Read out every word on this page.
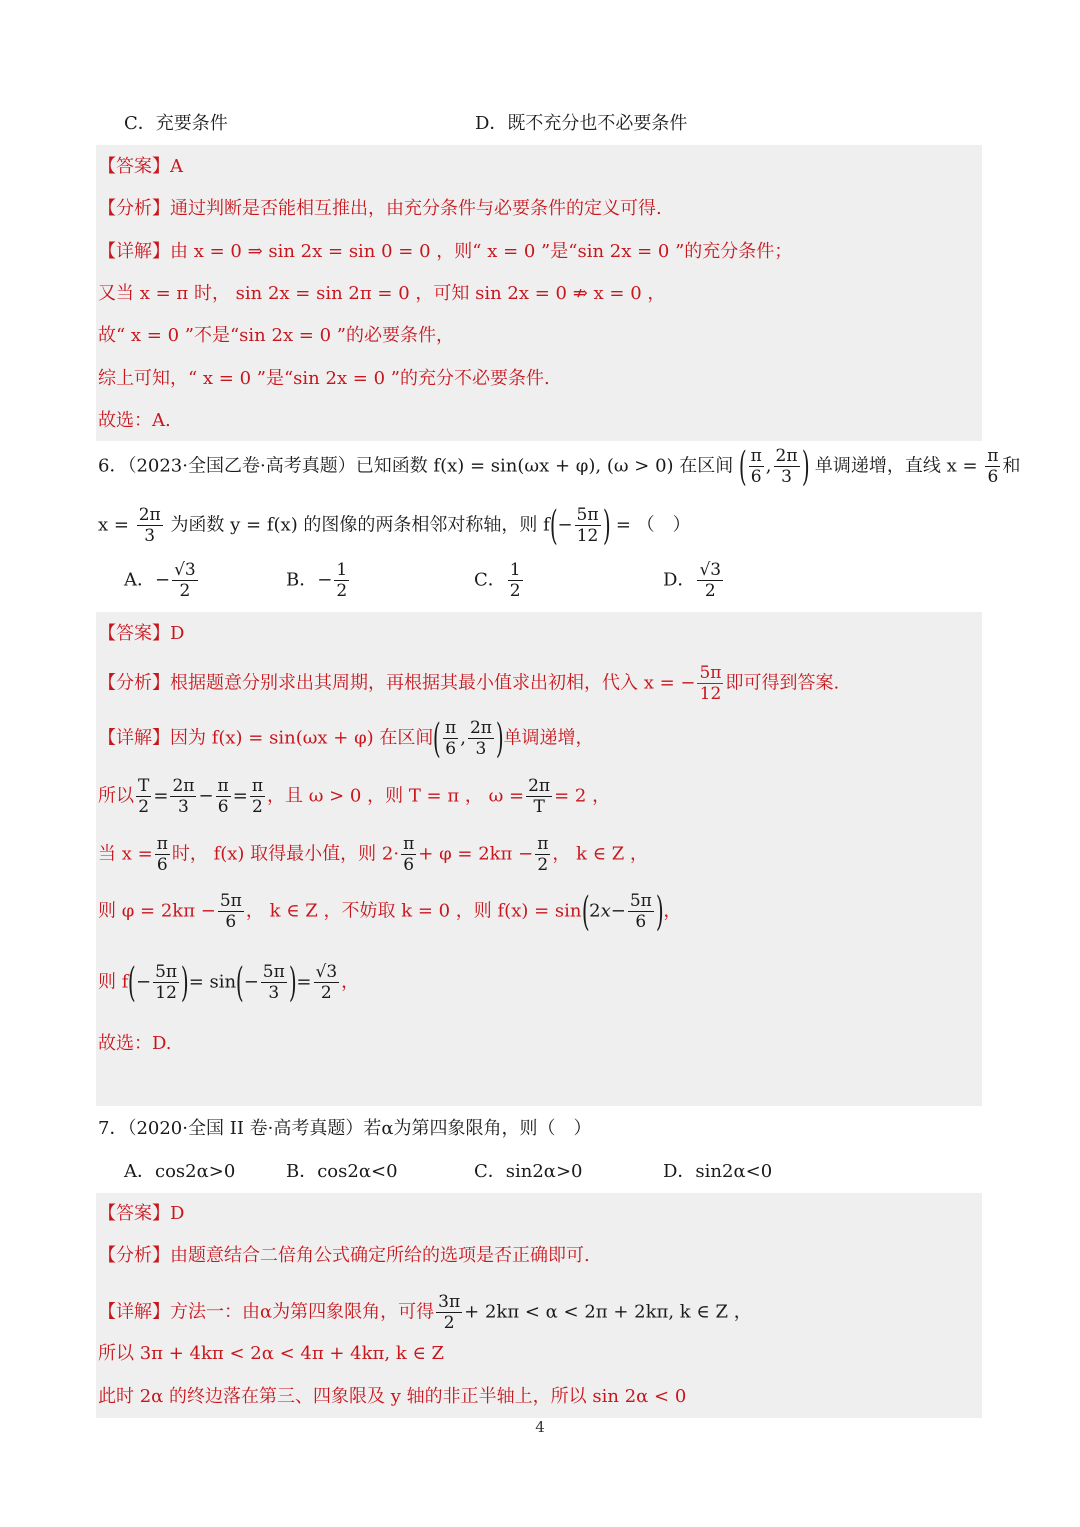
C．充要条件	D．既不充分也不必要条件
【答案】A
【分析】通过判断是否能相互推出，由充分条件与必要条件的定义可得.
【详解】由 x = 0 ⇒ sin 2x = sin 0 = 0 ，则“ x = 0 ”是“sin 2x = 0 ”的充分条件；
又当 x = π 时， sin 2x = sin 2π = 0 ，可知 sin 2x = 0 ⇏ x = 0 ，
故“ x = 0 ”不是“sin 2x = 0 ”的必要条件，
综上可知，“ x = 0 ”是“sin 2x = 0 ”的充分不必要条件.
故选：A.
6．（2023·全国乙卷·高考真题）已知函数 f(x) = sin(ωx + φ), (ω > 0) 在区间 ( $\frac{\pi}{6}$ , $\frac{2\pi}{3}$ ) 单调递增，直线 $x = \frac{\pi}{6}$ 和
$x = \frac{2\pi}{3}$ 为函数 y = f(x) 的图像的两条相邻对称轴，则 $f(- \frac{5\pi}{12}$ ) = （　）
A．− $\frac{√3}{2}$	B．− $\frac{1}{2}$	C． $\frac{1}{2}$	D． $\frac{√3}{2}$
【答案】D
【分析】根据题意分别求出其周期，再根据其最小值求出初相，代入 x = − $\frac{5\pi}{12}$ 即可得到答案.
【详解】因为 f(x) = sin(ωx + φ) 在区间( $\frac{\pi}{6}$ , $\frac{2\pi}{3}$ )单调递增，
所以 $\frac{T}{2} = \frac{2\pi}{3} - \frac{\pi}{6} = \frac{\pi}{2}$ ，且 ω > 0 ，则 T = π ， $\omega = \frac{2\pi}{T} = 2$ ，
当 $x = \frac{\pi}{6}$ 时， f(x) 取得最小值，则 $2\cdot \frac{\pi}{6} + \varphi = 2k\pi - \frac{\pi}{2}$ ， k ∈ Z ，
则 $\varphi = 2k\pi - \frac{5\pi}{6}$ ， k ∈ Z ，不妨取 k = 0 ，则 $f(x) = \sin(2x- \frac{5\pi}{6}$ )，
则 $f(- \frac{5\pi}{12}$ )= $\sin(- \frac{5\pi}{3}$ )= $\frac{√3}{2}$ ，
故选：D.
7．（2020·全国 II 卷·高考真题）若α为第四象限角，则（　）
A．cos2α>0	B．cos2α<0	C．sin2α>0	D．sin2α<0
【答案】D
【分析】由题意结合二倍角公式确定所给的选项是否正确即可.
【详解】方法一：由α为第四象限角，可得 $\frac{3\pi}{2} + 2k\pi < \alpha < 2\pi + 2k\pi$, k ∈ Z ，
所以 3π + 4kπ < 2α < 4π + 4kπ, k ∈ Z
此时 2α 的终边落在第三、四象限及 y 轴的非正半轴上，所以 sin 2α < 0
4
